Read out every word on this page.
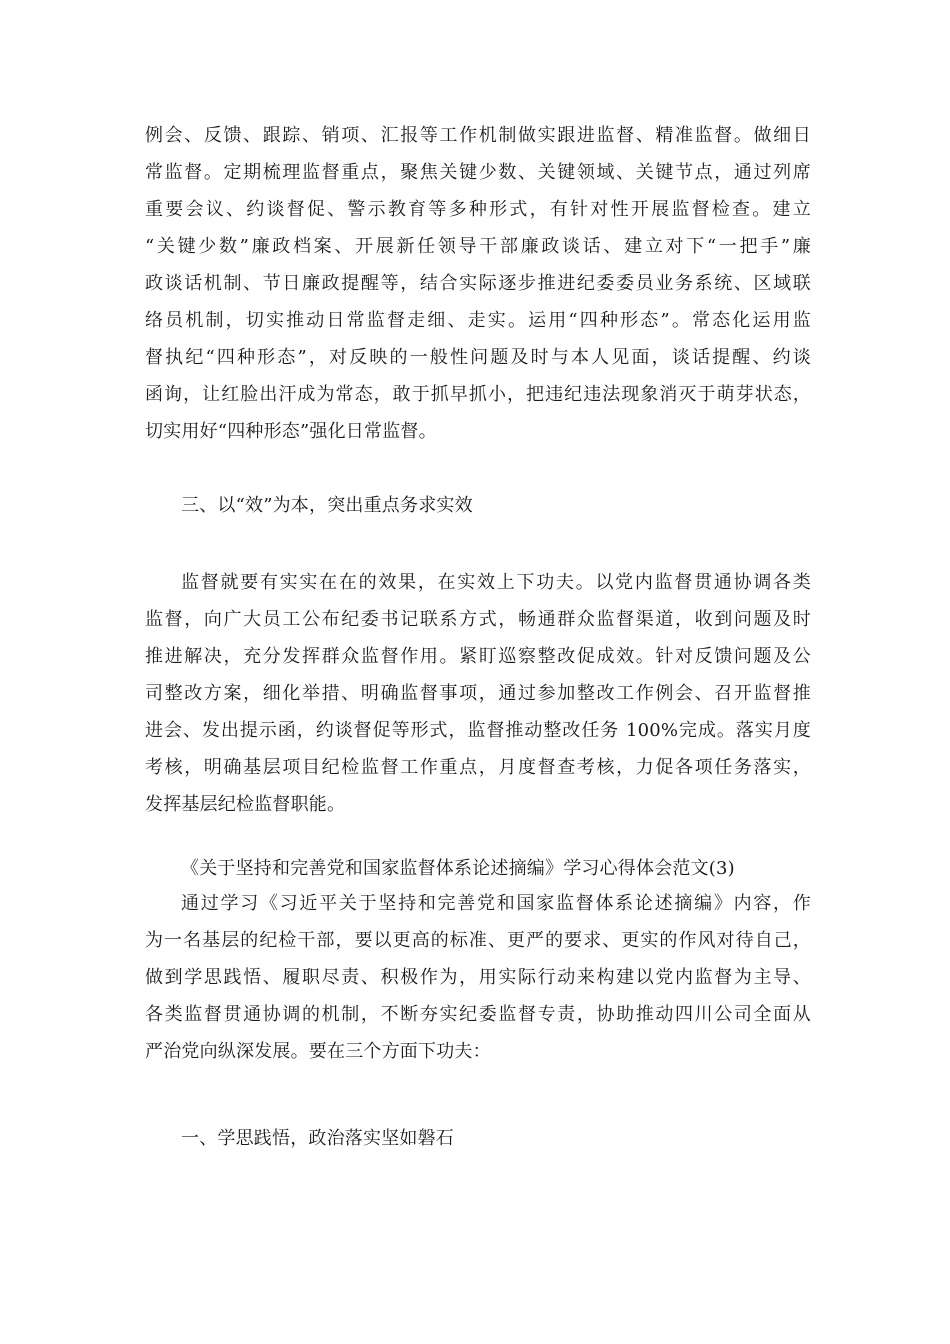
例会、反馈、跟踪、销项、汇报等工作机制做实跟进监督、精准监督。做细日
常监督。定期梳理监督重点，聚焦关键少数、关键领域、关键节点，通过列席
重要会议、约谈督促、警示教育等多种形式，有针对性开展监督检查。建立
“关键少数”廉政档案、开展新任领导干部廉政谈话、建立对下“一把手”廉
政谈话机制、节日廉政提醒等，结合实际逐步推进纪委委员业务系统、区域联
络员机制，切实推动日常监督走细、走实。运用“四种形态”。常态化运用监
督执纪“四种形态”，对反映的一般性问题及时与本人见面，谈话提醒、约谈
函询，让红脸出汗成为常态，敢于抓早抓小，把违纪违法现象消灭于萌芽状态，
切实用好“四种形态”强化日常监督。
三、以“效”为本，突出重点务求实效
监督就要有实实在在的效果，在实效上下功夫。以党内监督贯通协调各类
监督，向广大员工公布纪委书记联系方式，畅通群众监督渠道，收到问题及时
推进解决，充分发挥群众监督作用。紧盯巡察整改促成效。针对反馈问题及公
司整改方案，细化举措、明确监督事项，通过参加整改工作例会、召开监督推
进会、发出提示函，约谈督促等形式，监督推动整改任务 100%完成。落实月度
考核，明确基层项目纪检监督工作重点，月度督查考核，力促各项任务落实，
发挥基层纪检监督职能。
《关于坚持和完善党和国家监督体系论述摘编》学习心得体会范文(3)
通过学习《习近平关于坚持和完善党和国家监督体系论述摘编》内容，作
为一名基层的纪检干部，要以更高的标准、更严的要求、更实的作风对待自己，
做到学思践悟、履职尽责、积极作为，用实际行动来构建以党内监督为主导、
各类监督贯通协调的机制，不断夯实纪委监督专责，协助推动四川公司全面从
严治党向纵深发展。要在三个方面下功夫：
一、学思践悟，政治落实坚如磐石
